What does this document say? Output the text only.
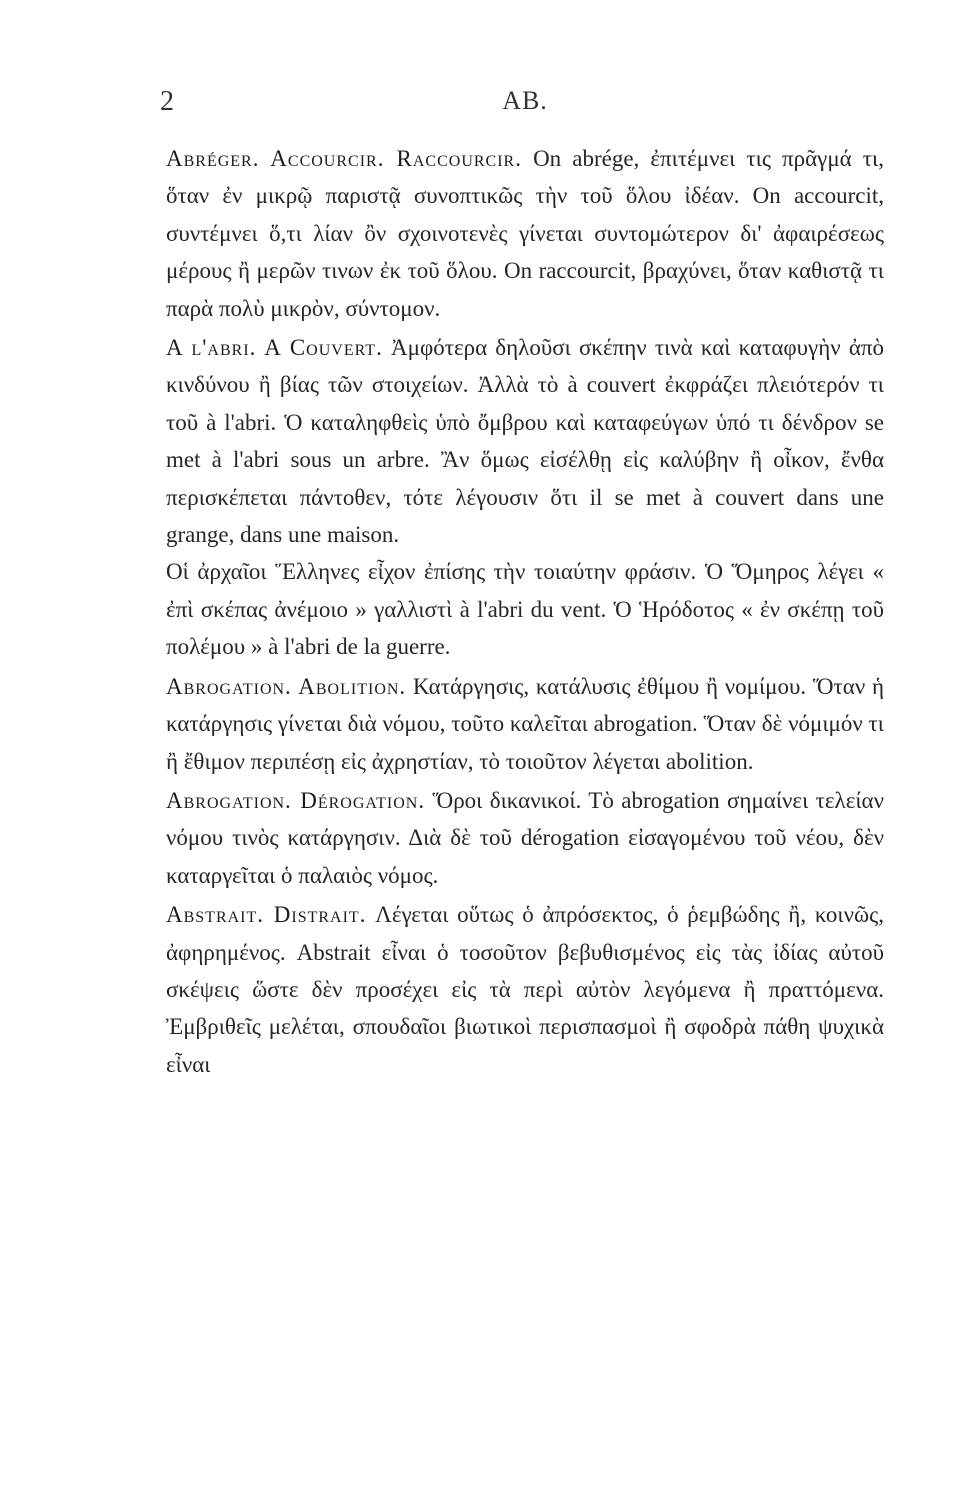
2	AB.

Abréger. Accourcir. Raccourcir. On abrége, ἐπιτέμνει τις πρᾶγμά τι, ὅταν ἐν μικρῷ παριστᾷ συνοπτικῶς τὴν τοῦ ὅλου ἰδέαν. On accourcit, συντέμνει ὅ,τι λίαν ὂν σχοινοτενὲς γίνεται συντομώτερον δι' ἀφαιρέσεως μέρους ἢ μερῶν τινων ἐκ τοῦ ὅλου. On raccourcit, βραχύνει, ὅταν καθιστᾷ τι παρὰ πολὺ μικρὸν, σύντομον.

A l'abri. A Couvert. Ἀμφότερα δηλοῦσι σκέπην τινὰ καὶ καταφυγὴν ἀπὸ κινδύνου ἢ βίας τῶν στοιχείων. Ἀλλὰ τὸ à couvert ἐκφράζει πλειότερόν τι τοῦ à l'abri. Ὁ καταληφθεὶς ὑπὸ ὄμβρου καὶ καταφεύγων ὑπό τι δένδρον se met à l'abri sous un arbre. Ἂν ὅμως εἰσέλθῃ εἰς καλύβην ἢ οἶκον, ἔνθα περισκέπεται πάντοθεν, τότε λέγουσιν ὅτι il se met à couvert dans une grange, dans une maison.

Οἱ ἀρχαῖοι Ἕλληνες εἶχον ἐπίσης τὴν τοιαύτην φράσιν. Ὁ Ὅμηρος λέγει « ἐπὶ σκέπας ἀνέμοιο » γαλλιστὶ à l'abri du vent. Ὁ Ἡρόδοτος « ἐν σκέπῃ τοῦ πολέμου » à l'abri de la guerre.

Abrogation. Abolition. Κατάργησις, κατάλυσις ἐθίμου ἢ νομίμου. Ὅταν ἡ κατάργησις γίνεται διὰ νόμου, τοῦτο καλεῖται abrogation. Ὅταν δὲ νόμιμόν τι ἢ ἔθιμον περιπέσῃ εἰς ἀχρηστίαν, τὸ τοιοῦτον λέγεται abolition.

Abrogation. Dérogation. Ὅροι δικανικοί. Τὸ abrogation σημαίνει τελείαν νόμου τινὸς κατάργησιν. Διὰ δὲ τοῦ dérogation εἰσαγομένου τοῦ νέου, δὲν καταργεῖται ὁ παλαιὸς νόμος.

Abstrait. Distrait. Λέγεται οὕτως ὁ ἀπρόσεκτος, ὁ ῥεμβώδης ἢ, κοινῶς, ἀφηρημένος. Abstrait εἶναι ὁ τοσοῦτον βεβυθισμένος εἰς τὰς ἰδίας αὐτοῦ σκέψεις ὥστε δὲν προσέχει εἰς τὰ περὶ αὐτὸν λεγόμενα ἢ πραττόμενα. Ἐμβριθεῖς μελέται, σπουδαῖοι βιωτικοὶ περισπασμοὶ ἢ σφοδρὰ πάθη ψυχικὰ εἶναι
